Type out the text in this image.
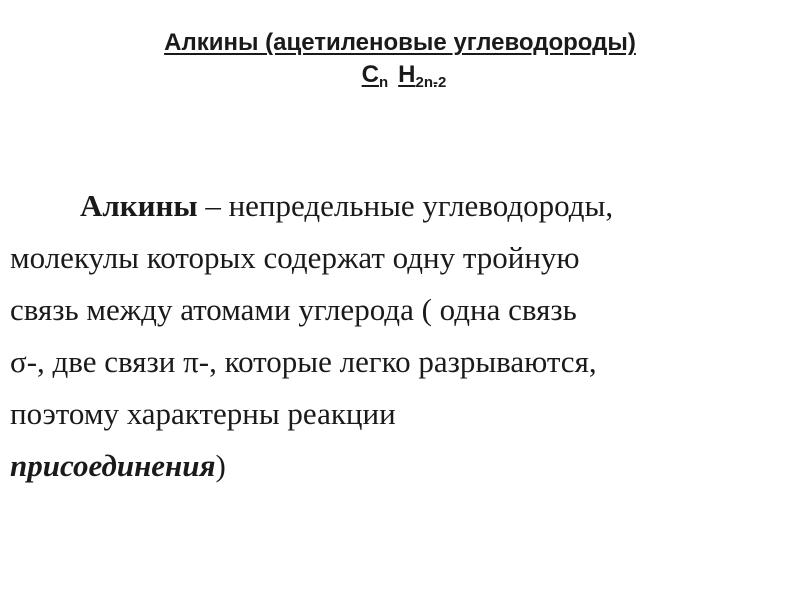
Алкины (ацетиленовые углеводороды)
$C_n$ $H_{2n-2}$
Алкины – непредельные углеводороды,
молекулы которых содержат одну тройную
связь между атомами углерода ( одна связь
σ-, две связи π-, которые легко разрываются,
поэтому характерны реакции
присоединения)
